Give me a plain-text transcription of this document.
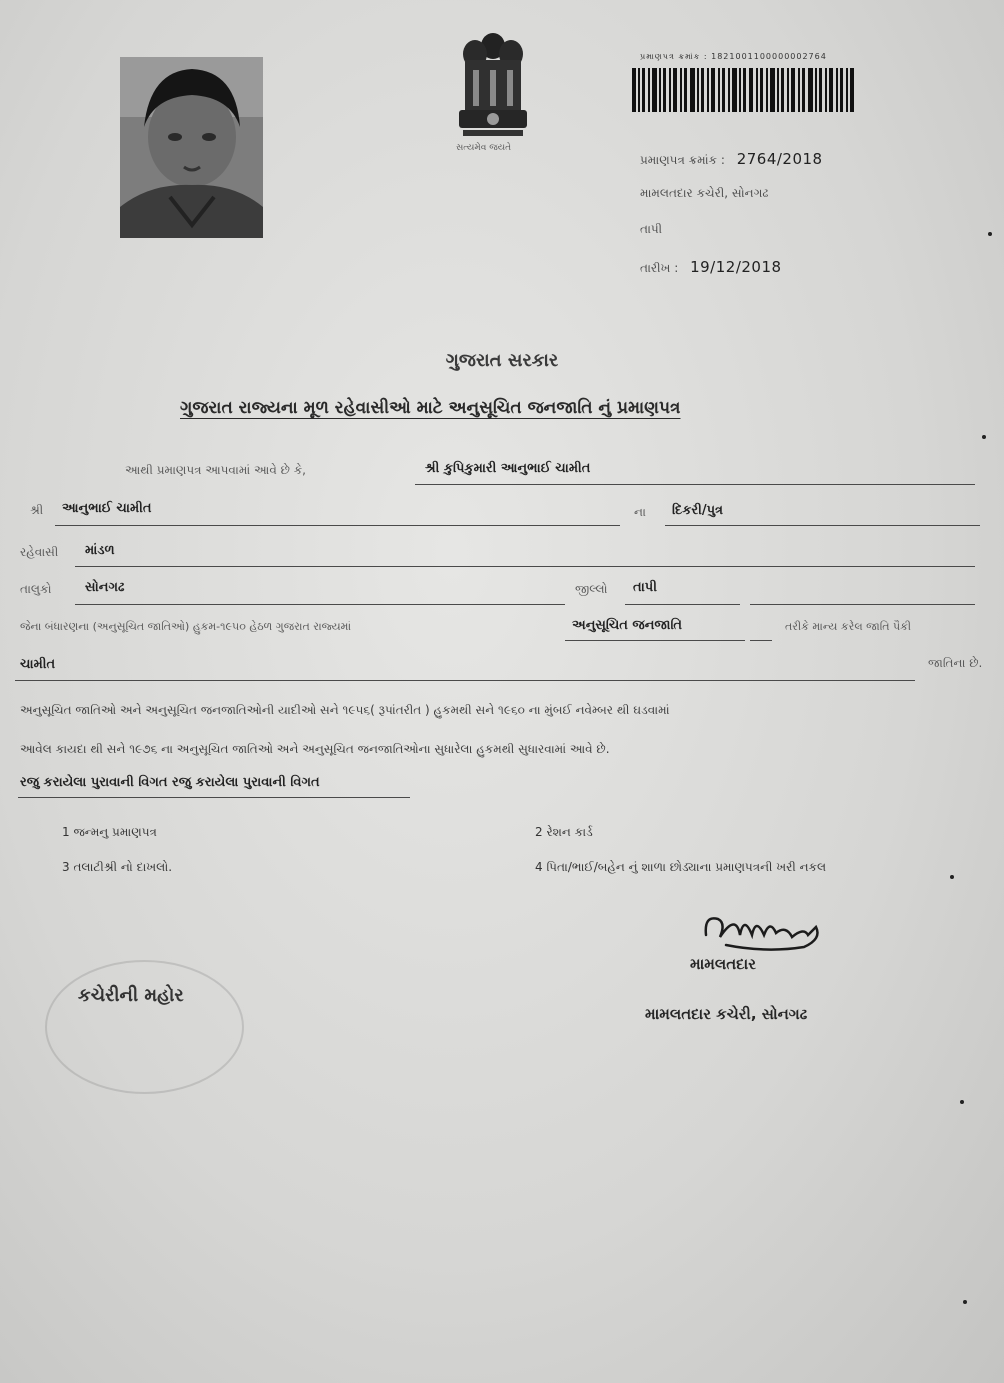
સત્યમેવ જયતે
પ્રમાણપત્ર ક્રમાંક : 1821001100000002764
પ્રમાણપત્ર ક્રમાંક : 2764/2018
મામલતદાર કચેરી, સોનગઢ
તાપી
તારીખ : 19/12/2018
ગુજરાત સરકાર
ગુજરાત રાજ્યના મૂળ રહેવાસીઓ માટે અનુસૂચિત જનજાતિ નું પ્રમાણપત્ર
આથી પ્રમાણપત્ર આપવામાં આવે છે કે,	શ્રી કુપિકુમારી આનુભાઈ ચામીત
શ્રી આનુભાઈ ચામીત	ના દિકરી/પુત્ર
રહેવાસી માંડળ
તાલુકો	સોનગઢ	જીલ્લો તાપી
જેના બંધારણના (અનુસૂચિત જાતિઓ) હુકમ-૧૯૫૦ હેઠળ ગુજરાત રાજ્યમાં	અનુસૂચિત જનજાતિ	તરીકે માન્ય કરેલ જાતિ પૈકી
ચામીત	જાતિના છે.
અનુસૂચિત જાતિઓ અને અનુસૂચિત જનજાતિઓની યાદીઓ સને ૧૯૫૬( રૂપાંતરીત ) હુકમથી સને ૧૯૬૦ ના મુંબઈ નવેમ્બર થી ઘડવામાં
આવેલ કાયદા થી સને ૧૯૭૬ ના અનુસૂચિત જાતિઓ અને અનુસૂચિત જનજાતિઓના સુધારેલા હુકમથી સુધારવામાં આવે છે.
રજુ કરાયેલા પુરાવાની વિગત રજુ કરાયેલા પુરાવાની વિગત
1 જન્મનુ પ્રમાણપત્ર	2 રેશન કાર્ડ
3 તલાટીશ્રી નો દાખલો.	4 પિતા/ભાઈ/બહેન નું શાળા છોડ્યાના પ્રમાણપત્રની ખરી નકલ
કચેરીની મહોર
મામલતદાર
મામલતદાર કચેરી, સોનગઢ
